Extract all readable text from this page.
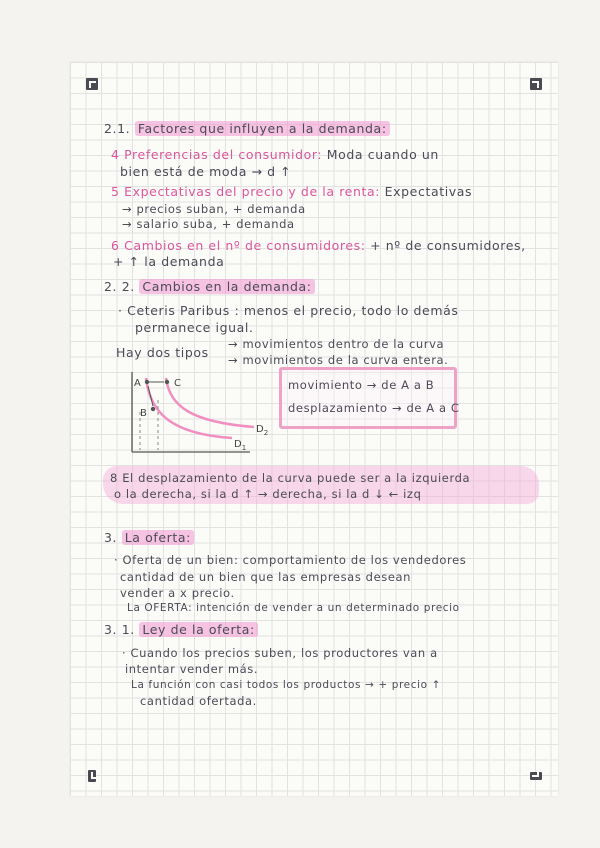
2.1. Factores que influyen a la demanda:
4 Preferencias del consumidor: Moda cuando un
bien está de moda → d ↑
5 Expectativas del precio y de la renta: Expectativas
→ precios suban, + demanda
→ salario suba, + demanda
6 Cambios en el nº de consumidores: + nº de consumidores,
+ ↑ la demanda
2. 2. Cambios en la demanda:
· Ceteris Paribus : menos el precio, todo lo demás
permanece igual.
Hay dos tipos
→ movimientos dentro de la curva
→ movimientos de la curva entera.
A
B
C
$D_2$
$D_1$
movimiento → de A a B
desplazamiento → de A a C
8 El desplazamiento de la curva puede ser a la izquierda
o la derecha, si la d ↑ → derecha, si la d ↓ ← izq
3. La oferta:
· Oferta de un bien: comportamiento de los vendedores
cantidad de un bien que las empresas desean
vender a x precio.
La OFERTA: intención de vender a un determinado precio
3. 1. Ley de la oferta:
· Cuando los precios suben, los productores van a
intentar vender más.
La función con casi todos los productos → + precio ↑
cantidad ofertada.
